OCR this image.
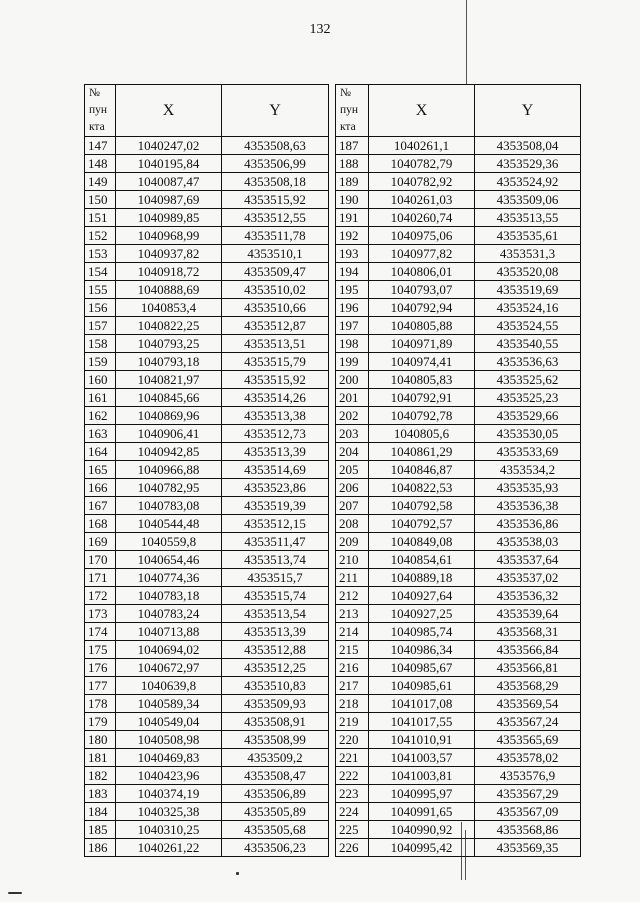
132
№
пун
кта	X	Y
147	1040247,02	4353508,63
148	1040195,84	4353506,99
149	1040087,47	4353508,18
150	1040987,69	4353515,92
151	1040989,85	4353512,55
152	1040968,99	4353511,78
153	1040937,82	4353510,1
154	1040918,72	4353509,47
155	1040888,69	4353510,02
156	1040853,4	4353510,66
157	1040822,25	4353512,87
158	1040793,25	4353513,51
159	1040793,18	4353515,79
160	1040821,97	4353515,92
161	1040845,66	4353514,26
162	1040869,96	4353513,38
163	1040906,41	4353512,73
164	1040942,85	4353513,39
165	1040966,88	4353514,69
166	1040782,95	4353523,86
167	1040783,08	4353519,39
168	1040544,48	4353512,15
169	1040559,8	4353511,47
170	1040654,46	4353513,74
171	1040774,36	4353515,7
172	1040783,18	4353515,74
173	1040783,24	4353513,54
174	1040713,88	4353513,39
175	1040694,02	4353512,88
176	1040672,97	4353512,25
177	1040639,8	4353510,83
178	1040589,34	4353509,93
179	1040549,04	4353508,91
180	1040508,98	4353508,99
181	1040469,83	4353509,2
182	1040423,96	4353508,47
183	1040374,19	4353506,89
184	1040325,38	4353505,89
185	1040310,25	4353505,68
186	1040261,22	4353506,23
№
пун
кта	X	Y
187	1040261,1	4353508,04
188	1040782,79	4353529,36
189	1040782,92	4353524,92
190	1040261,03	4353509,06
191	1040260,74	4353513,55
192	1040975,06	4353535,61
193	1040977,82	4353531,3
194	1040806,01	4353520,08
195	1040793,07	4353519,69
196	1040792,94	4353524,16
197	1040805,88	4353524,55
198	1040971,89	4353540,55
199	1040974,41	4353536,63
200	1040805,83	4353525,62
201	1040792,91	4353525,23
202	1040792,78	4353529,66
203	1040805,6	4353530,05
204	1040861,29	4353533,69
205	1040846,87	4353534,2
206	1040822,53	4353535,93
207	1040792,58	4353536,38
208	1040792,57	4353536,86
209	1040849,08	4353538,03
210	1040854,61	4353537,64
211	1040889,18	4353537,02
212	1040927,64	4353536,32
213	1040927,25	4353539,64
214	1040985,74	4353568,31
215	1040986,34	4353566,84
216	1040985,67	4353566,81
217	1040985,61	4353568,29
218	1041017,08	4353569,54
219	1041017,55	4353567,24
220	1041010,91	4353565,69
221	1041003,57	4353578,02
222	1041003,81	4353576,9
223	1040995,97	4353567,29
224	1040991,65	4353567,09
225	1040990,92	4353568,86
226	1040995,42	4353569,35
